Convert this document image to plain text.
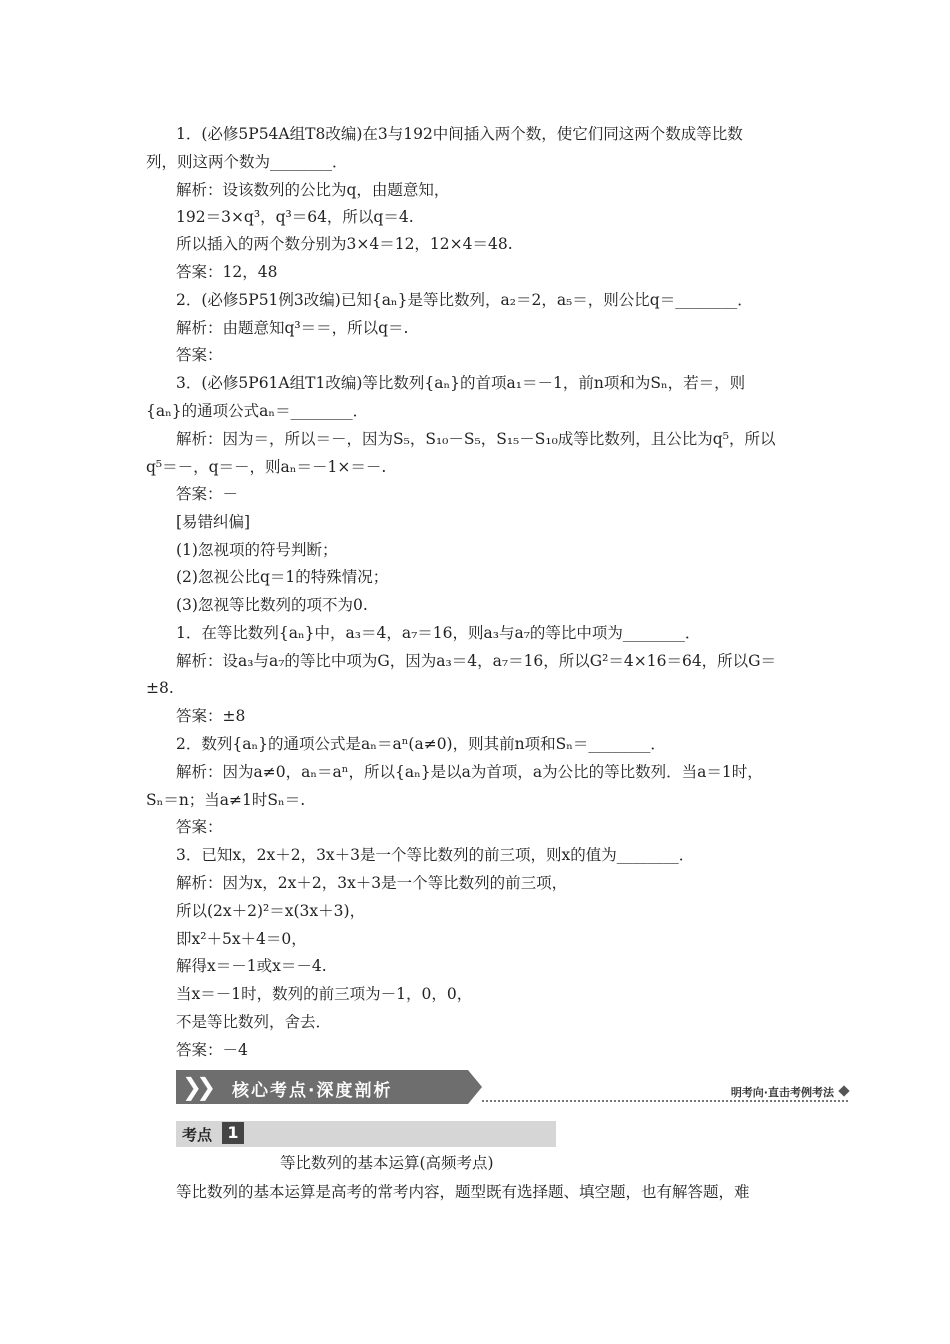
1．(必修5P54A组T8改编)在3与192中间插入两个数，使它们同这两个数成等比数
列，则这两个数为________．
解析：设该数列的公比为q，由题意知，
192＝3×q³，q³＝64，所以q＝4.
所以插入的两个数分别为3×4＝12，12×4＝48.
答案：12，48
2．(必修5P51例3改编)已知{aₙ}是等比数列，a₂＝2，a₅＝，则公比q＝________．
解析：由题意知q³＝＝，所以q＝.
答案：
3．(必修5P61A组T1改编)等比数列{aₙ}的首项a₁＝－1，前n项和为Sₙ，若＝，则
{aₙ}的通项公式aₙ＝________．
解析：因为＝，所以＝－，因为S₅，S₁₀－S₅，S₁₅－S₁₀成等比数列，且公比为q⁵，所以
q⁵＝－，q＝－，则aₙ＝－1×＝－.
答案：－
[易错纠偏]
(1)忽视项的符号判断；
(2)忽视公比q＝1的特殊情况；
(3)忽视等比数列的项不为0.
1．在等比数列{aₙ}中，a₃＝4，a₇＝16，则a₃与a₇的等比中项为________．
解析：设a₃与a₇的等比中项为G，因为a₃＝4，a₇＝16，所以G²＝4×16＝64，所以G＝
±8.
答案：±8
2．数列{aₙ}的通项公式是aₙ＝aⁿ(a≠0)，则其前n项和Sₙ＝________．
解析：因为a≠0，aₙ＝aⁿ，所以{aₙ}是以a为首项，a为公比的等比数列．当a＝1时，
Sₙ＝n；当a≠1时Sₙ＝.
答案：
3．已知x，2x＋2，3x＋3是一个等比数列的前三项，则x的值为________．
解析：因为x，2x＋2，3x＋3是一个等比数列的前三项，
所以(2x＋2)²＝x(3x＋3)，
即x²＋5x＋4＝0，
解得x＝－1或x＝－4.
当x＝－1时，数列的前三项为－1，0，0，
不是等比数列，舍去．
答案：－4
❯❯ 核心考点·深度剖析	明考向·直击考例考法
考点 1
等比数列的基本运算(高频考点)
等比数列的基本运算是高考的常考内容，题型既有选择题、填空题，也有解答题，难
